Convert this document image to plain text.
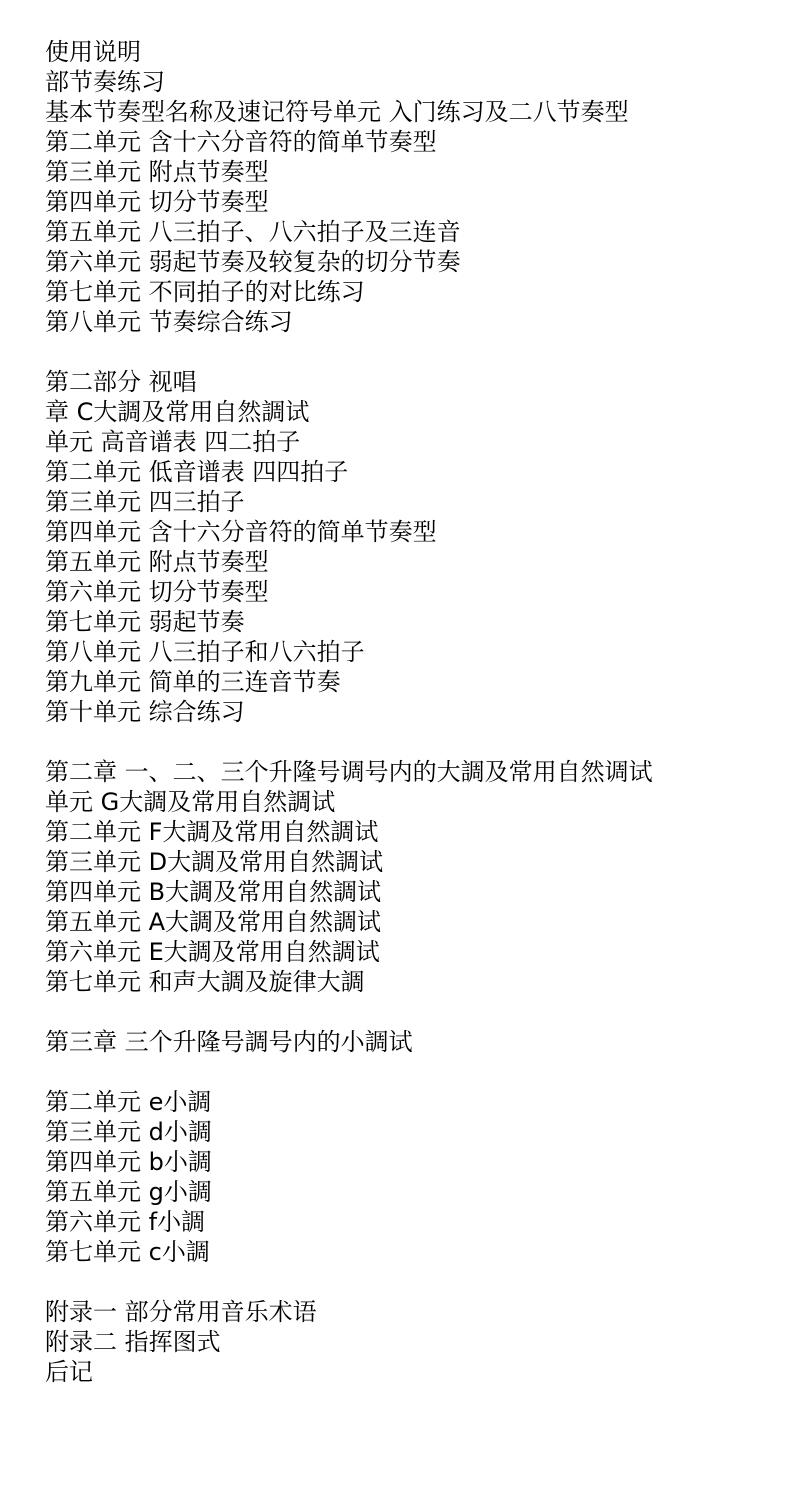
使用说明
部节奏练习
基本节奏型名称及速记符号单元 入门练习及二八节奏型
第二单元 含十六分音符的简单节奏型
第三单元 附点节奏型
第四单元 切分节奏型
第五单元 八三拍子、八六拍子及三连音
第六单元 弱起节奏及较复杂的切分节奏
第七单元 不同拍子的对比练习
第八单元 节奏综合练习
第二部分 视唱
章 C大調及常用自然調试
单元 高音谱表 四二拍子
第二单元 低音谱表 四四拍子
第三单元 四三拍子
第四单元 含十六分音符的简单节奏型
第五单元 附点节奏型
第六单元 切分节奏型
第七单元 弱起节奏
第八单元 八三拍子和八六拍子
第九单元 简单的三连音节奏
第十单元 综合练习
第二章 一、二、三个升隆号调号内的大調及常用自然调试
单元 G大調及常用自然調试
第二单元 F大調及常用自然調试
第三单元 D大調及常用自然調试
第四单元 B大調及常用自然調试
第五单元 A大調及常用自然調试
第六单元 E大調及常用自然調试
第七单元 和声大調及旋律大調
第三章 三个升隆号調号内的小調试
第二单元 e小調
第三单元 d小調
第四单元 b小調
第五单元 g小調
第六单元 f小調
第七单元 c小調
附录一 部分常用音乐术语
附录二 指挥图式
后记
